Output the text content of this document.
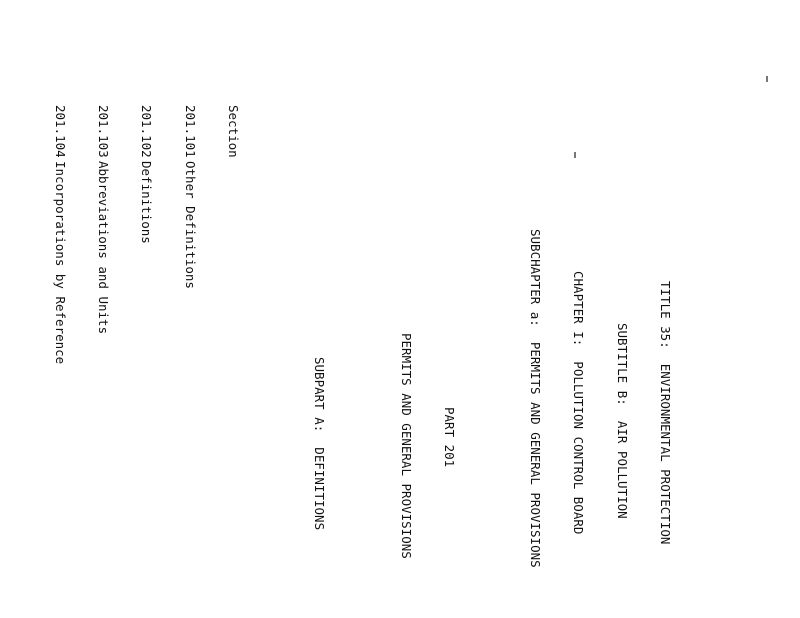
TITLE 35:  ENVIRONMENTAL PROTECTION

SUBTITLE B:  AIR POLLUTION

CHAPTER I:  POLLUTION CONTROL BOARD

SUBCHAPTER a:  PERMITS AND GENERAL PROVISIONS

PART 201

PERMITS AND GENERAL PROVISIONS

SUBPART A:  DEFINITIONS

Section

201.101
Other Definitions

201.102
Definitions

201.103
Abbreviations and Units

201.104
Incorporations by Reference
